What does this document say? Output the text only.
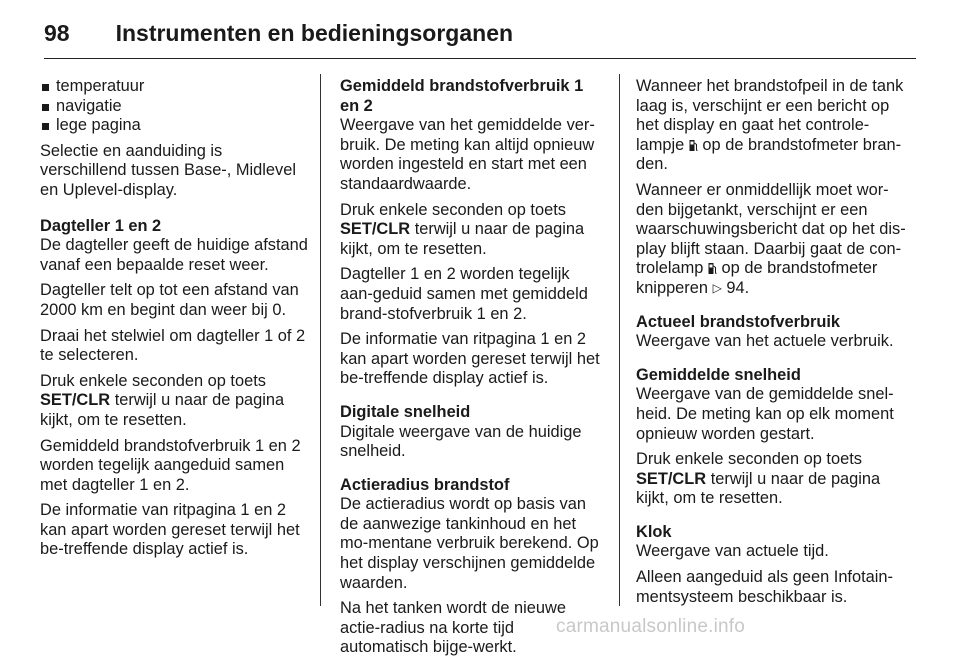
98 Instrumenten en bedieningsorganen
temperatuur
navigatie
lege pagina

Selectie en aanduiding is verschillend tussen Base-, Midlevel en Uplevel-display.

Dagteller 1 en 2

De dagteller geeft de huidige afstand vanaf een bepaalde reset weer.

Dagteller telt op tot een afstand van 2000 km en begint dan weer bij 0.

Draai het stelwiel om dagteller 1 of 2 te selecteren.

Druk enkele seconden op toets SET/CLR terwijl u naar de pagina kijkt, om te resetten.

Gemiddeld brandstofverbruik 1 en 2 worden tegelijk aangeduid samen met dagteller 1 en 2.

De informatie van ritpagina 1 en 2 kan apart worden gereset terwijl het be-treffende display actief is.

Gemiddeld brandstofverbruik 1 en 2

Weergave van het gemiddelde ver-bruik. De meting kan altijd opnieuw worden ingesteld en start met een standaardwaarde.

Druk enkele seconden op toets SET/CLR terwijl u naar de pagina kijkt, om te resetten.

Dagteller 1 en 2 worden tegelijk aan-geduid samen met gemiddeld brand-stofverbruik 1 en 2.

De informatie van ritpagina 1 en 2 kan apart worden gereset terwijl het be-treffende display actief is.

Digitale snelheid

Digitale weergave van de huidige snelheid.

Actieradius brandstof

De actieradius wordt op basis van de aanwezige tankinhoud en het mo-mentane verbruik berekend. Op het display verschijnen gemiddelde waarden.

Na het tanken wordt de nieuwe actie-radius na korte tijd automatisch bijge-werkt.

Wanneer het brandstofpeil in de tank laag is, verschijnt er een bericht op het display en gaat het controle-lampje op de brandstofmeter bran-den.

Wanneer er onmiddellijk moet wor-den bijgetankt, verschijnt er een waarschuwingsbericht dat op het dis-play blijft staan. Daarbij gaat de con-trolelamp op de brandstofmeter knipperen ▷ 94.

Actueel brandstofverbruik

Weergave van het actuele verbruik.

Gemiddelde snelheid

Weergave van de gemiddelde snel-heid. De meting kan op elk moment opnieuw worden gestart.

Druk enkele seconden op toets SET/CLR terwijl u naar de pagina kijkt, om te resetten.

Klok

Weergave van actuele tijd.

Alleen aangeduid als geen Infotain-mentsysteem beschikbaar is.

carmanualsonline.info
